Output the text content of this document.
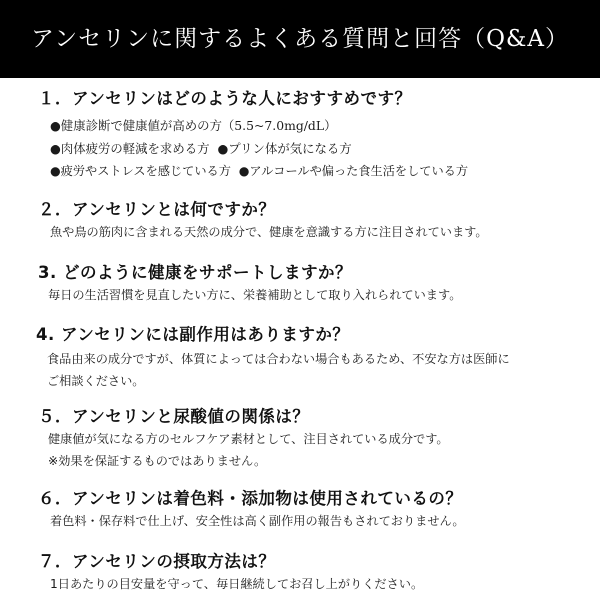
アンセリンに関するよくある質問と回答（Q&A）
１．アンセリンはどのような人におすすめです？
●健康診断で健康値が高めの方（5.5~7.0mg/dL）
●肉体疲労の軽減を求める方 ●プリン体が気になる方
●疲労やストレスを感じている方 ●アルコールや偏った食生活をしている方
２．アンセリンとは何ですか？
魚や鳥の筋肉に含まれる天然の成分で、健康を意識する方に注目されています。
3. どのように健康をサポートしますか？
毎日の生活習慣を見直したい方に、栄養補助として取り入れられています。
4. アンセリンには副作用はありますか？
食品由来の成分ですが、体質によっては合わない場合もあるため、不安な方は医師に
ご相談ください。
５．アンセリンと尿酸値の関係は？
健康値が気になる方のセルフケア素材として、注目されている成分です。
※効果を保証するものではありません。
６．アンセリンは着色料・添加物は使用されているの？
着色料・保存料で仕上げ、安全性は高く副作用の報告もされておりません。
７．アンセリンの摂取方法は？
1日あたりの目安量を守って、毎日継続してお召し上がりください。
